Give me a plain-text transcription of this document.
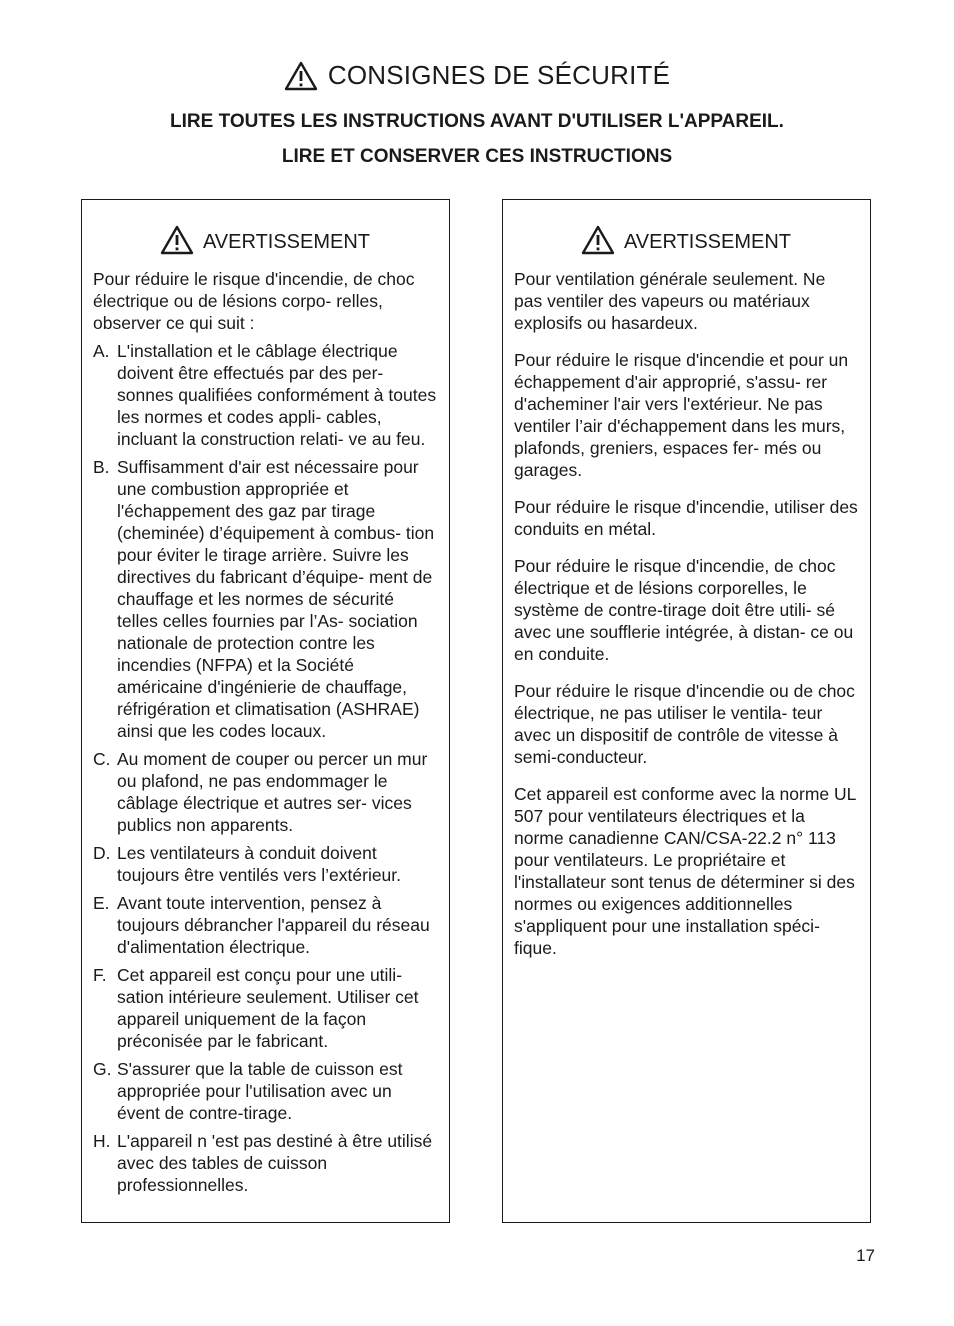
CONSIGNES DE SÉCURITÉ

LIRE TOUTES LES INSTRUCTIONS AVANT D'UTILISER L'APPAREIL.

LIRE ET CONSERVER CES INSTRUCTIONS

AVERTISSEMENT

Pour réduire le risque d'incendie, de choc électrique ou de lésions corpo- relles, observer ce qui suit :

A. L'installation et le câblage électrique doivent être effectués par des per- sonnes qualifiées conformément à toutes les normes et codes appli- cables, incluant la construction relati- ve au feu.
B. Suffisamment d'air est nécessaire pour une combustion appropriée et l'échappement des gaz par tirage (cheminée) d’équipement à combus- tion pour éviter le tirage arrière. Suivre les directives du fabricant d’équipe- ment de chauffage et les normes de sécurité telles celles fournies par l’As- sociation nationale de protection contre les incendies (NFPA) et la Société américaine d'ingénierie de chauffage, réfrigération et climatisation (ASHRAE) ainsi que les codes locaux.
C. Au moment de couper ou percer un mur ou plafond, ne pas endommager le câblage électrique et autres ser- vices publics non apparents.
D. Les ventilateurs à conduit doivent toujours être ventilés vers l’extérieur.
E. Avant toute intervention, pensez à toujours débrancher l'appareil du réseau d'alimentation électrique.
F. Cet appareil est conçu pour une utili- sation intérieure seulement. Utiliser cet appareil uniquement de la façon préconisée par le fabricant.
G. S'assurer que la table de cuisson est appropriée pour l'utilisation avec un évent de contre-tirage.
H. L'appareil n 'est pas destiné à être utilisé avec des tables de cuisson professionnelles.
AVERTISSEMENT

Pour ventilation générale seulement. Ne pas ventiler des vapeurs ou matériaux explosifs ou hasardeux.

Pour réduire le risque d'incendie et pour un échappement d'air approprié, s'assu- rer d'acheminer l'air vers l'extérieur. Ne pas ventiler l’air d'échappement dans les murs, plafonds, greniers, espaces fer- més ou garages.

Pour réduire le risque d'incendie, utiliser des conduits en métal.

Pour réduire le risque d'incendie, de choc électrique et de lésions corporelles, le système de contre-tirage doit être utili- sé avec une soufflerie intégrée, à distan- ce ou en conduite.

Pour réduire le risque d'incendie ou de choc électrique, ne pas utiliser le ventila- teur avec un dispositif de contrôle de vitesse à semi-conducteur.

Cet appareil est conforme avec la norme UL 507 pour ventilateurs électriques et la norme canadienne CAN/CSA-22.2 n° 113 pour ventilateurs. Le propriétaire et l'installateur sont tenus de déterminer si des normes ou exigences additionnelles s'appliquent pour une installation spéci- fique.

17
